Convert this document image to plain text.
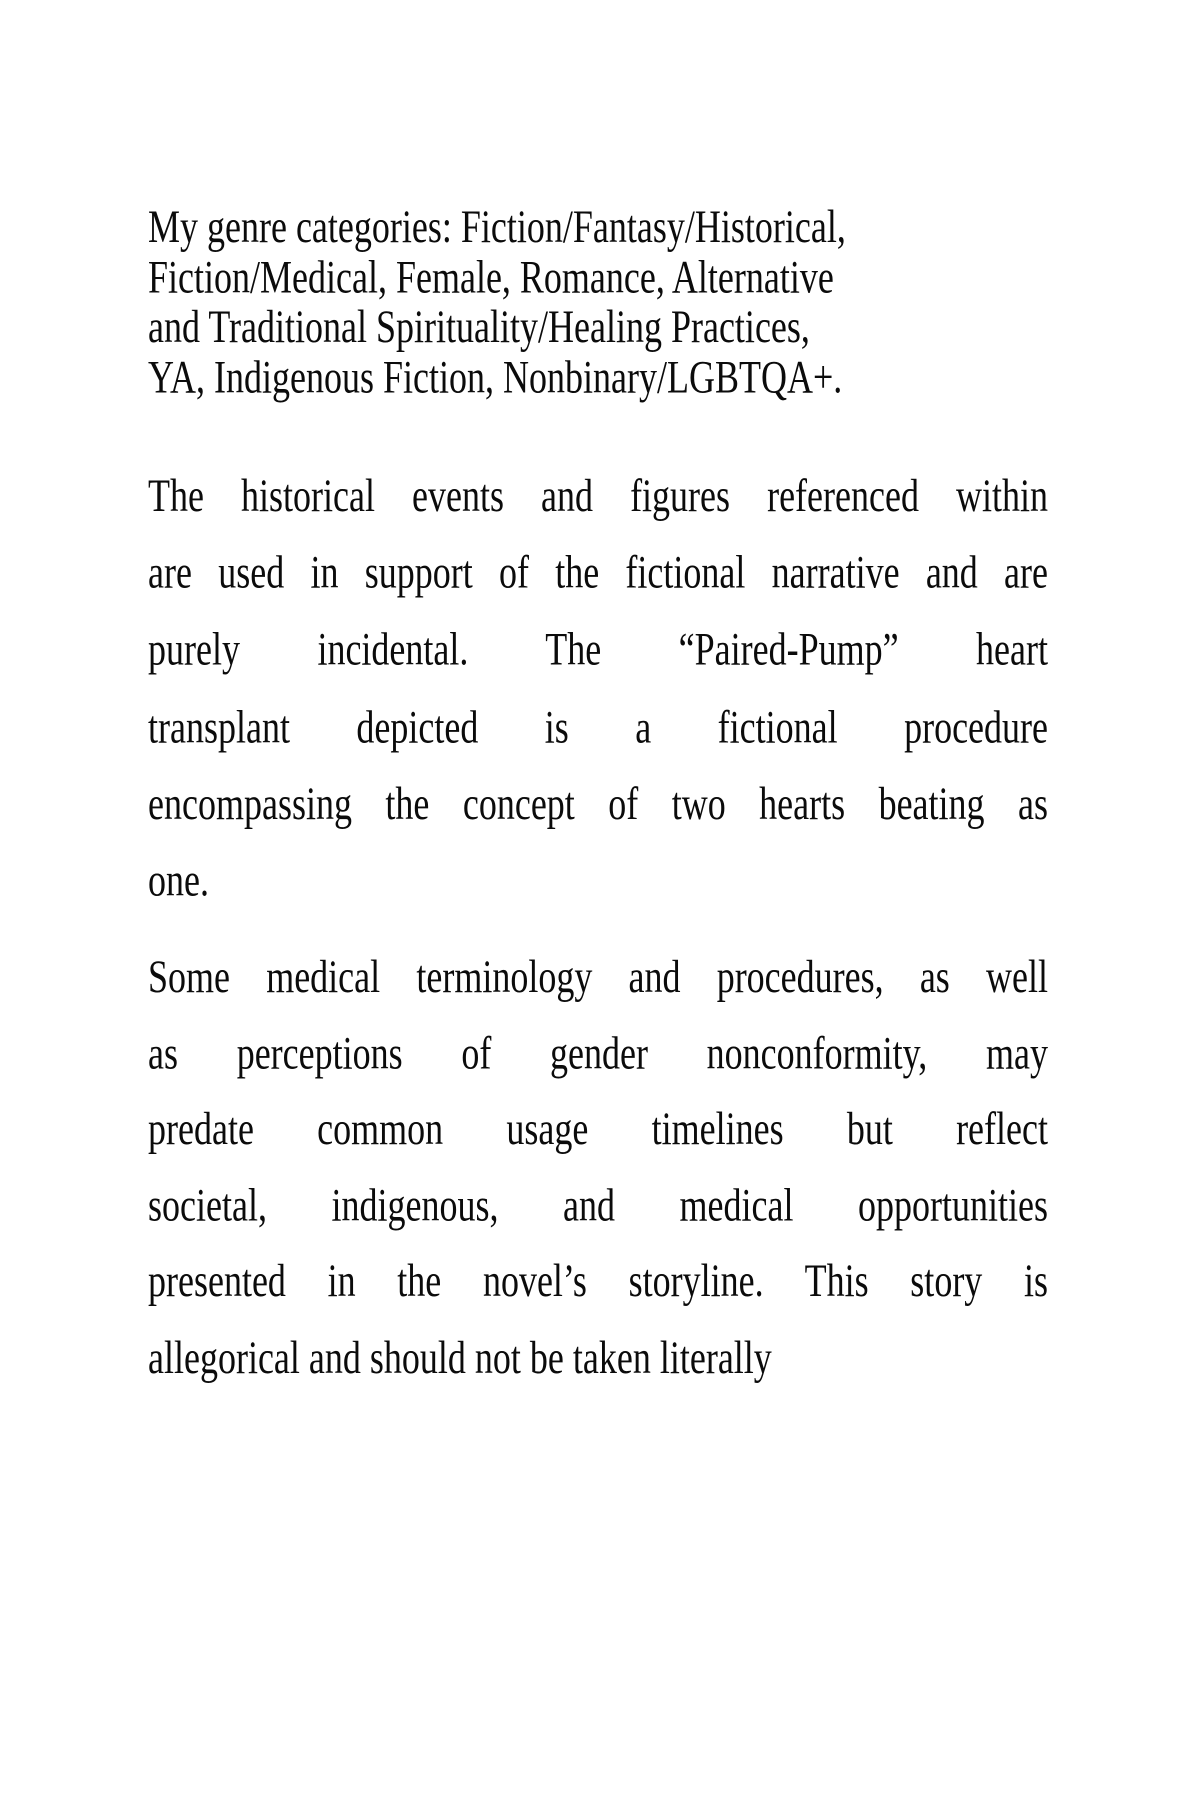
My genre categories: Fiction/Fantasy/Historical,
Fiction/Medical, Female, Romance, Alternative
and Traditional Spirituality/Healing Practices,
YA, Indigenous Fiction, Nonbinary/LGBTQA+.
The historical events and figures referenced within
are used in support of the fictional narrative and are
purely incidental. The “Paired-Pump” heart
transplant depicted is a fictional procedure
encompassing the concept of two hearts beating as
one.
Some medical terminology and procedures, as well
as perceptions of gender nonconformity, may
predate common usage timelines but reflect
societal, indigenous, and medical opportunities
presented in the novel’s storyline. This story is
allegorical and should not be taken literally
